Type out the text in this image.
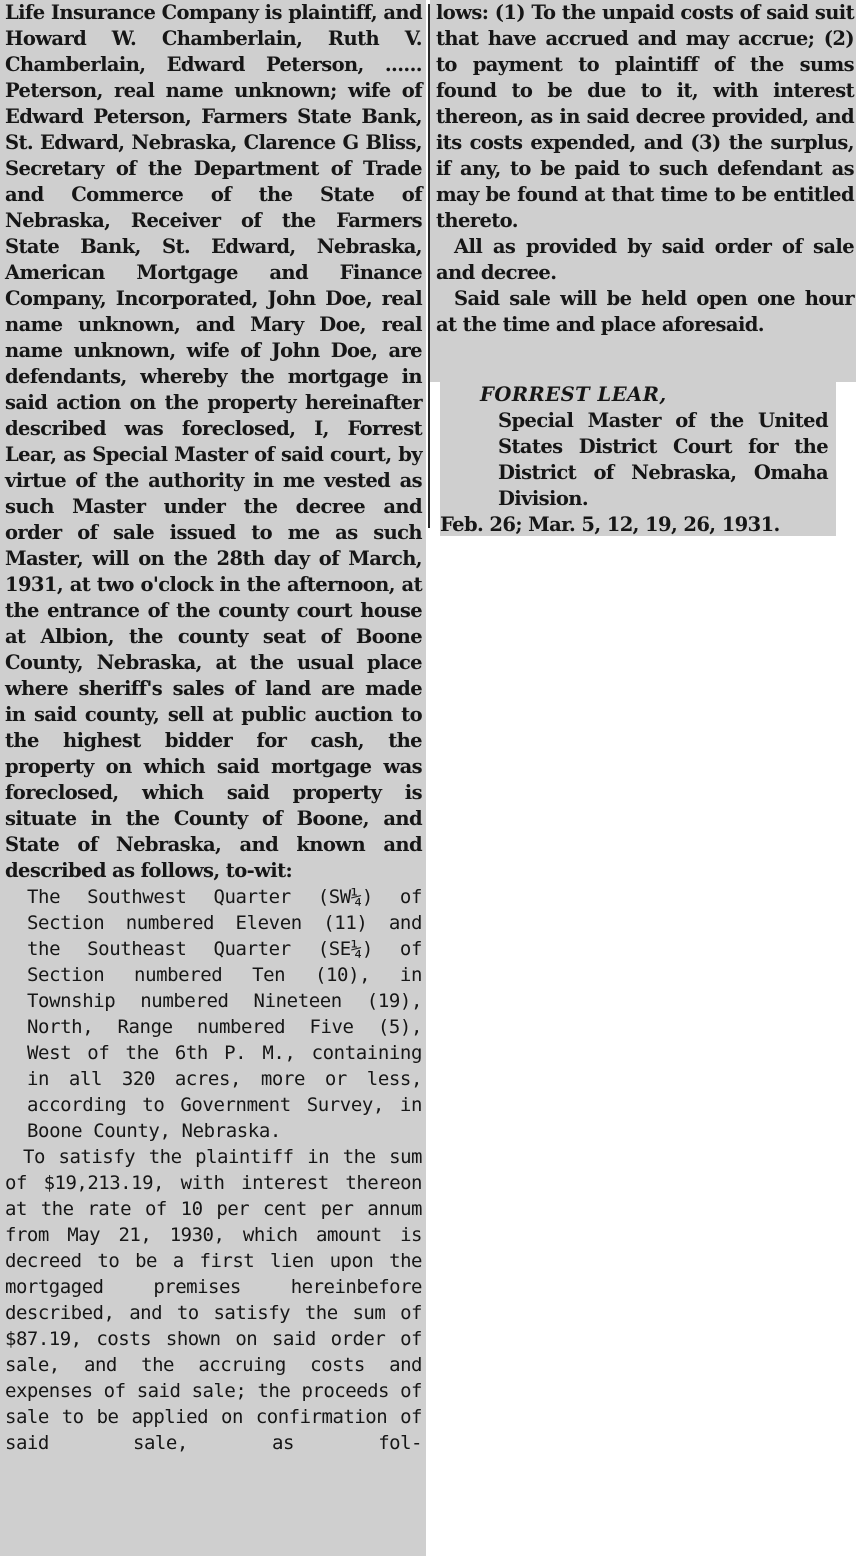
Life Insurance Company is plaintiff, and Howard W. Chamberlain, Ruth V. Chamberlain, Edward Peterson, ...... Peterson, real name unknown; wife of Edward Peterson, Farmers State Bank, St. Edward, Nebraska, Clarence G Bliss, Secretary of the Department of Trade and Commerce of the State of Nebraska, Receiver of the Farmers State Bank, St. Edward, Nebraska, American Mortgage and Finance Company, Incorporated, John Doe, real name unknown, and Mary Doe, real name unknown, wife of John Doe, are defendants, whereby the mortgage in said action on the property hereinafter described was foreclosed, I, Forrest Lear, as Special Master of said court, by virtue of the authority in me vested as such Master under the decree and order of sale issued to me as such Master, will on the 28th day of March, 1931, at two o'clock in the afternoon, at the entrance of the county court house at Albion, the county seat of Boone County, Nebraska, at the usual place where sheriff's sales of land are made in said county, sell at public auction to the highest bidder for cash, the property on which said mortgage was foreclosed, which said property is situate in the County of Boone, and State of Nebraska, and known and described as follows, to-wit:

The Southwest Quarter (SW¼) of Section numbered Eleven (11) and the Southeast Quarter (SE¼) of Section numbered Ten (10), in Township numbered Nineteen (19), North, Range numbered Five (5), West of the 6th P. M., containing in all 320 acres, more or less, according to Government Survey, in Boone County, Nebraska.

To satisfy the plaintiff in the sum of $19,213.19, with interest thereon at the rate of 10 per cent per annum from May 21, 1930, which amount is decreed to be a first lien upon the mortgaged premises hereinbefore described, and to satisfy the sum of $87.19, costs shown on said order of sale, and the accruing costs and expenses of said sale; the proceeds of sale to be applied on confirmation of said sale, as fol-

lows: (1) To the unpaid costs of said suit that have accrued and may accrue; (2) to payment to plaintiff of the sums found to be due to it, with interest thereon, as in said decree provided, and its costs expended, and (3) the surplus, if any, to be paid to such defendant as may be found at that time to be entitled thereto.

All as provided by said order of sale and decree.

Said sale will be held open one hour at the time and place aforesaid.

FORREST LEAR,

Special Master of the United States District Court for the District of Nebraska, Omaha Division.

Feb. 26; Mar. 5, 12, 19, 26, 1931.
